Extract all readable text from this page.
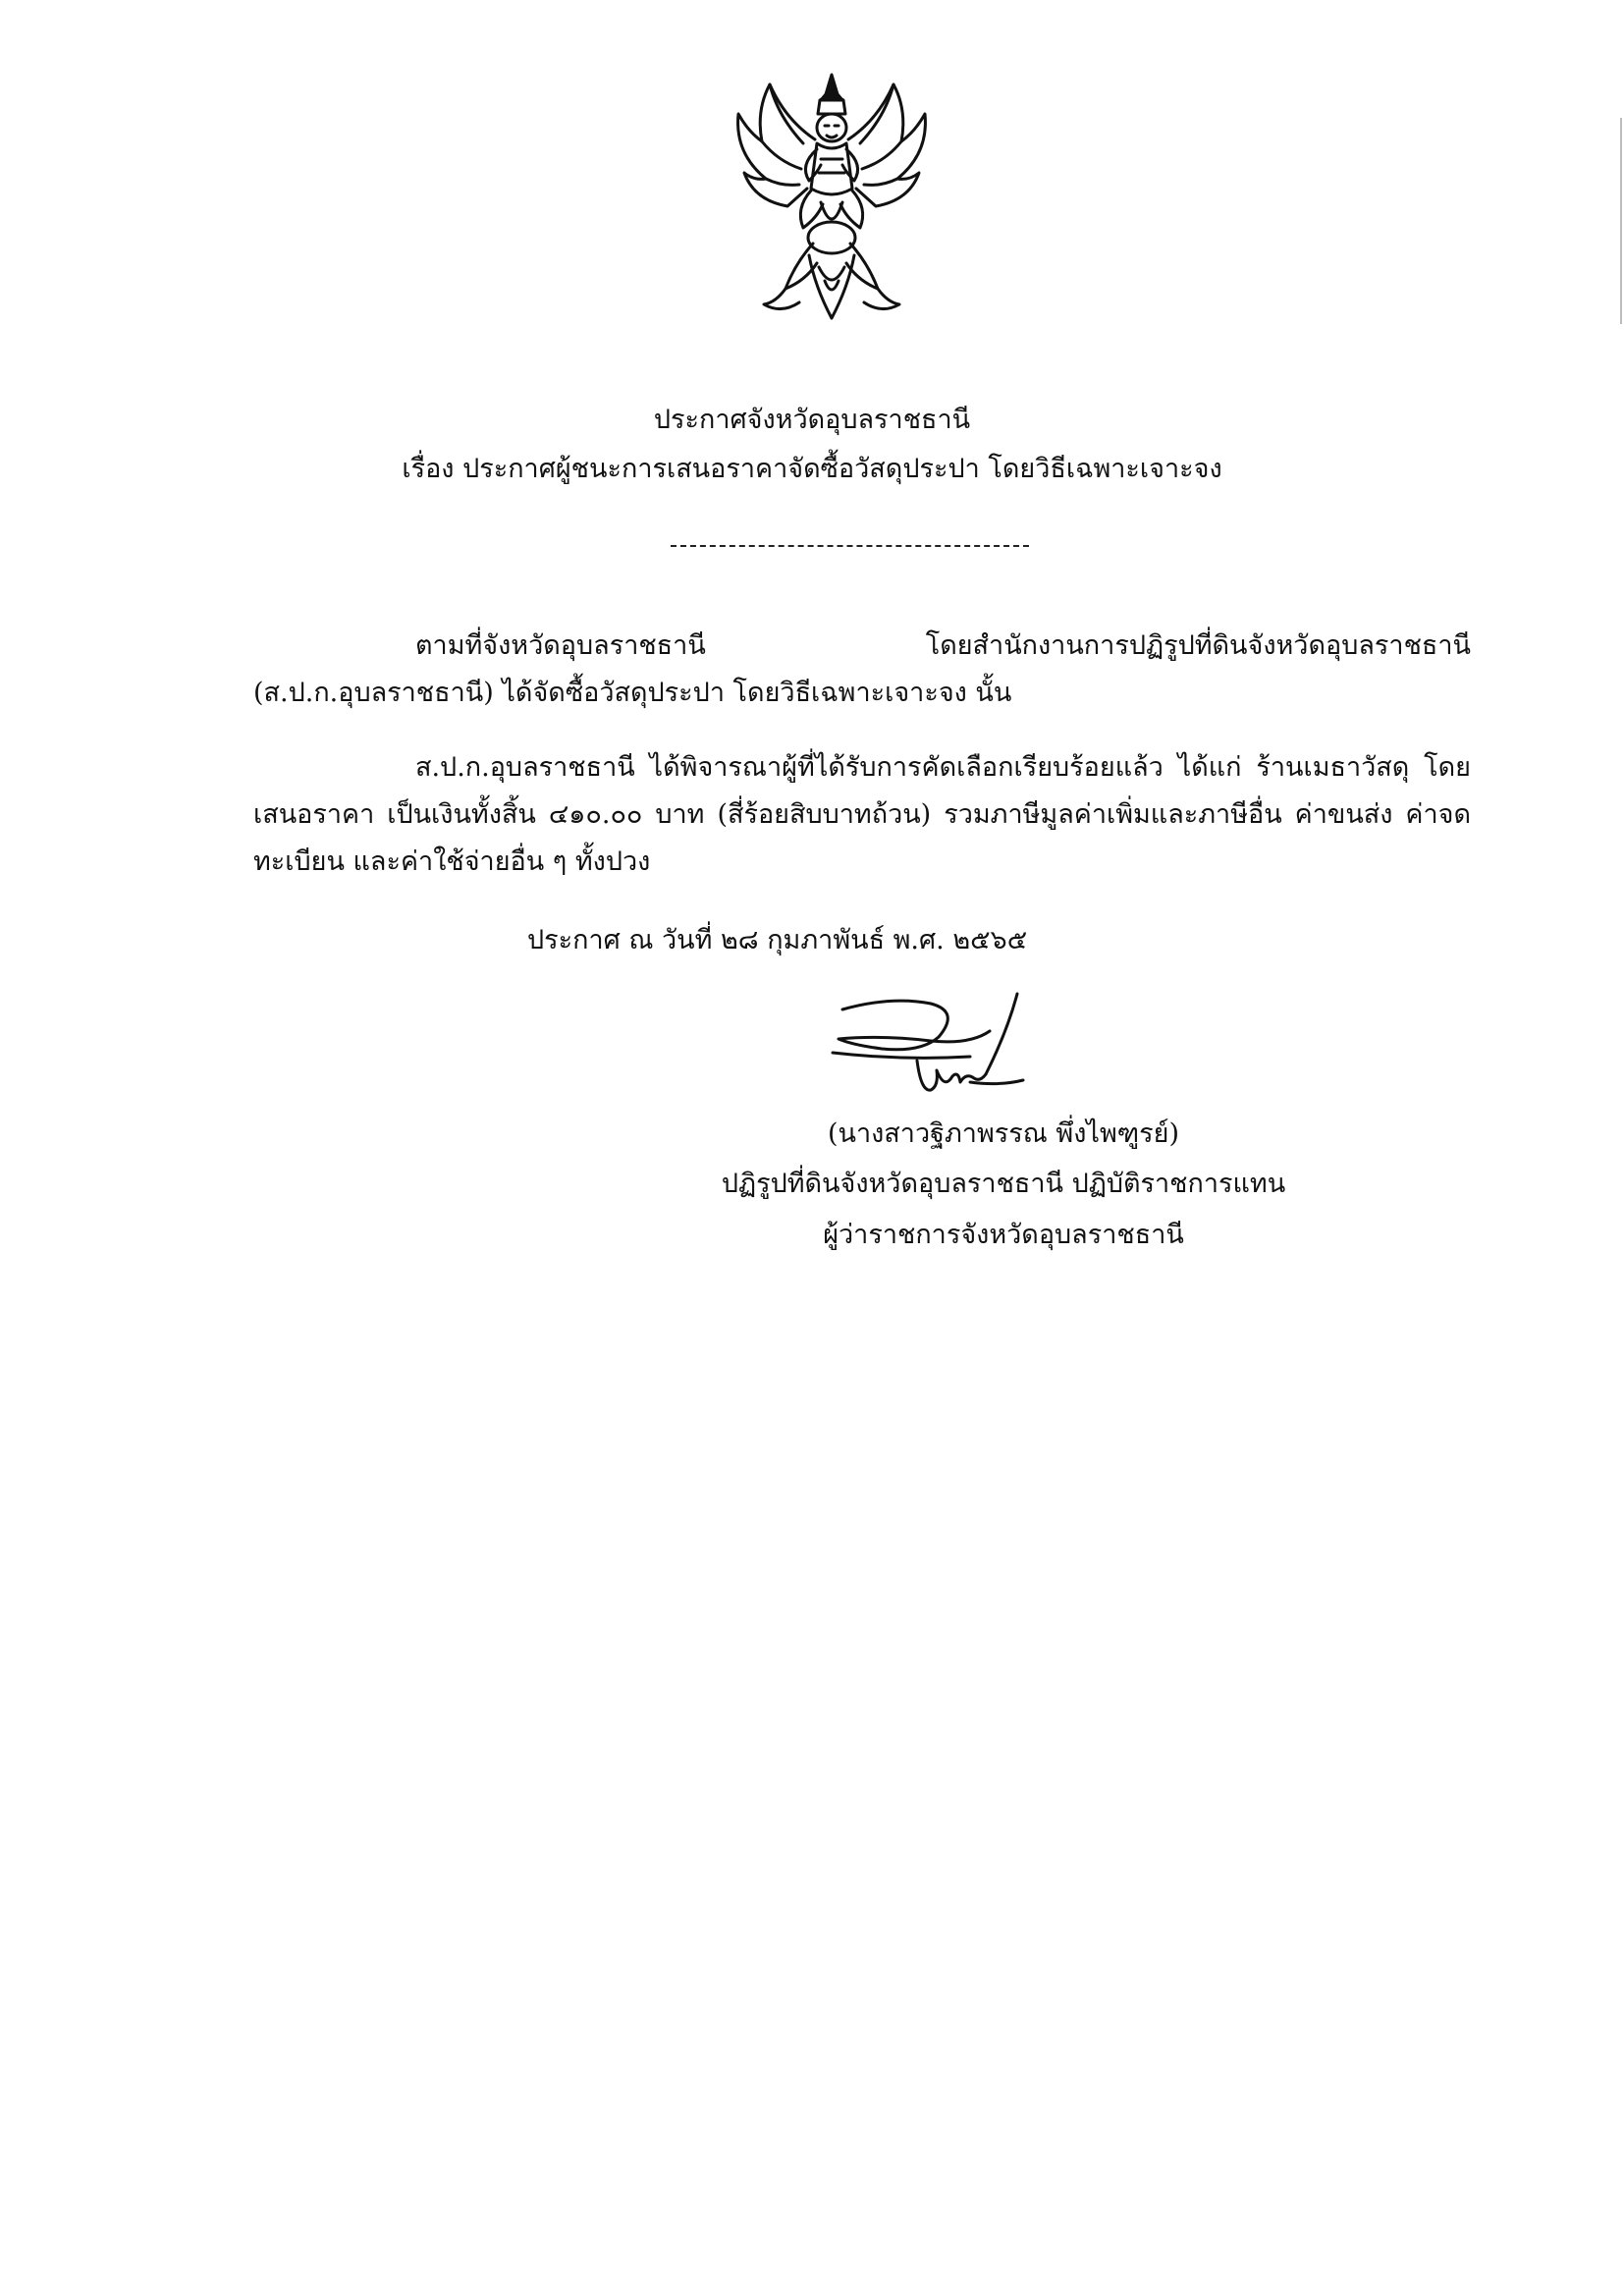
ประกาศจังหวัดอุบลราชธานี
เรื่อง ประกาศผู้ชนะการเสนอราคาจัดซื้อวัสดุประปา โดยวิธีเฉพาะเจาะจง
ตามที่จังหวัดอุบลราชธานี โดยสำนักงานการปฏิรูปที่ดินจังหวัดอุบลราชธานี (ส.ป.ก.อุบลราชธานี) ได้จัดซื้อวัสดุประปา โดยวิธีเฉพาะเจาะจง นั้น
ส.ป.ก.อุบลราชธานี ได้พิจารณาผู้ที่ได้รับการคัดเลือกเรียบร้อยแล้ว ได้แก่ ร้านเมธาวัสดุ โดยเสนอราคา เป็นเงินทั้งสิ้น ๔๑๐.๐๐ บาท (สี่ร้อยสิบบาทถ้วน) รวมภาษีมูลค่าเพิ่มและภาษีอื่น ค่าขนส่ง ค่าจดทะเบียน และค่าใช้จ่ายอื่น ๆ ทั้งปวง
ประกาศ ณ วันที่ ๒๘ กุมภาพันธ์ พ.ศ. ๒๕๖๕
(นางสาวฐิภาพรรณ พึ่งไพฑูรย์)
ปฏิรูปที่ดินจังหวัดอุบลราชธานี ปฏิบัติราชการแทน
ผู้ว่าราชการจังหวัดอุบลราชธานี
